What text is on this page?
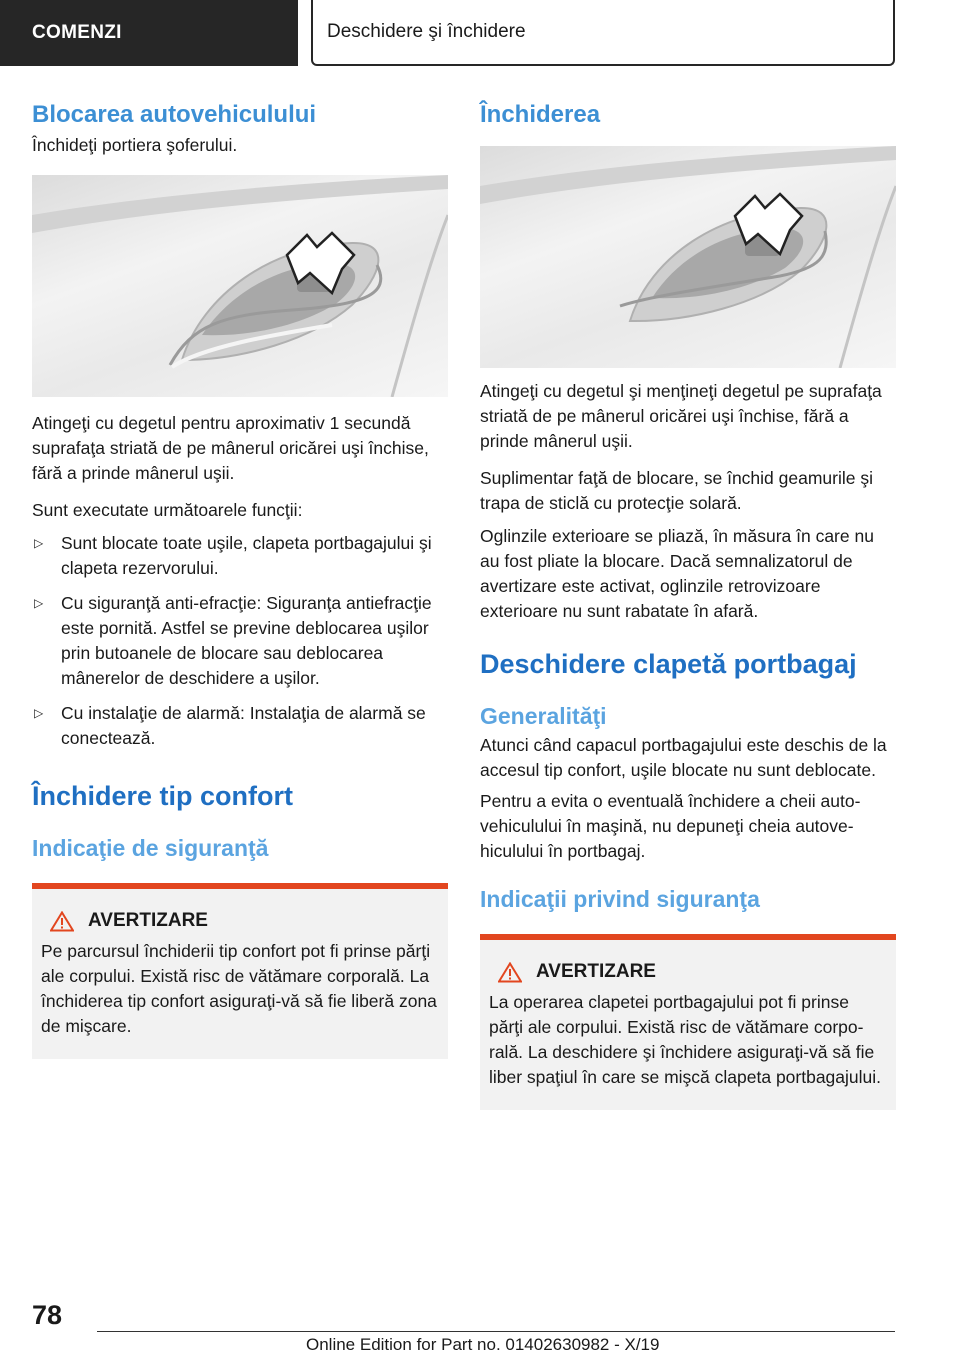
COMENZI	Deschidere şi închidere
Blocarea autovehiculului

Închideţi portiera şoferului.

Atingeţi cu degetul pentru aproximativ 1 secundă suprafaţa striată de pe mânerul oricărei uşi închise, fără a prinde mânerul uşii.

Sunt executate următoarele funcţii:

▷ Sunt blocate toate uşile, clapeta portbagajului şi clapeta rezervorului.
▷ Cu siguranţă anti-efracţie: Siguranţa antiefracţie este pornită. Astfel se previne deblocarea uşilor prin butoanele de blocare sau deblocarea mânerelor de deschidere a uşilor.
▷ Cu instalaţie de alarmă: Instalaţia de alarmă se conectează.
Închidere tip confort
Indicaţie de siguranţă
AVERTIZARE

Pe parcursul închiderii tip confort pot fi prinse părţi ale corpului. Există risc de vătămare corporală. La închiderea tip confort asiguraţi-vă să fie liberă zona de mişcare.

Închiderea

Atingeţi cu degetul şi menţineţi degetul pe suprafaţa striată de pe mânerul oricărei uşi închise, fără a prinde mânerul uşii.

Suplimentar faţă de blocare, se închid geamurile şi trapa de sticlă cu protecţie solară.

Oglinzile exterioare se pliază, în măsura în care nu au fost pliate la blocare. Dacă semnalizatorul de avertizare este activat, oglinzile retrovizoare exterioare nu sunt rabatate în afară.

Deschidere clapetă portbagaj
Generalităţi

Atunci când capacul portbagajului este deschis de la accesul tip confort, uşile blocate nu sunt deblocate.

Pentru a evita o eventuală închidere a cheii autovehiculului în maşină, nu depuneţi cheia autovehiculului în portbagaj.

Indicaţii privind siguranţa
AVERTIZARE

La operarea clapetei portbagajului pot fi prinse părţi ale corpului. Există risc de vătămare corporală. La deschidere şi închidere asiguraţi-vă să fie liber spaţiul în care se mişcă clapeta portbagajului.

78
Online Edition for Part no. 01402630982 - X/19
